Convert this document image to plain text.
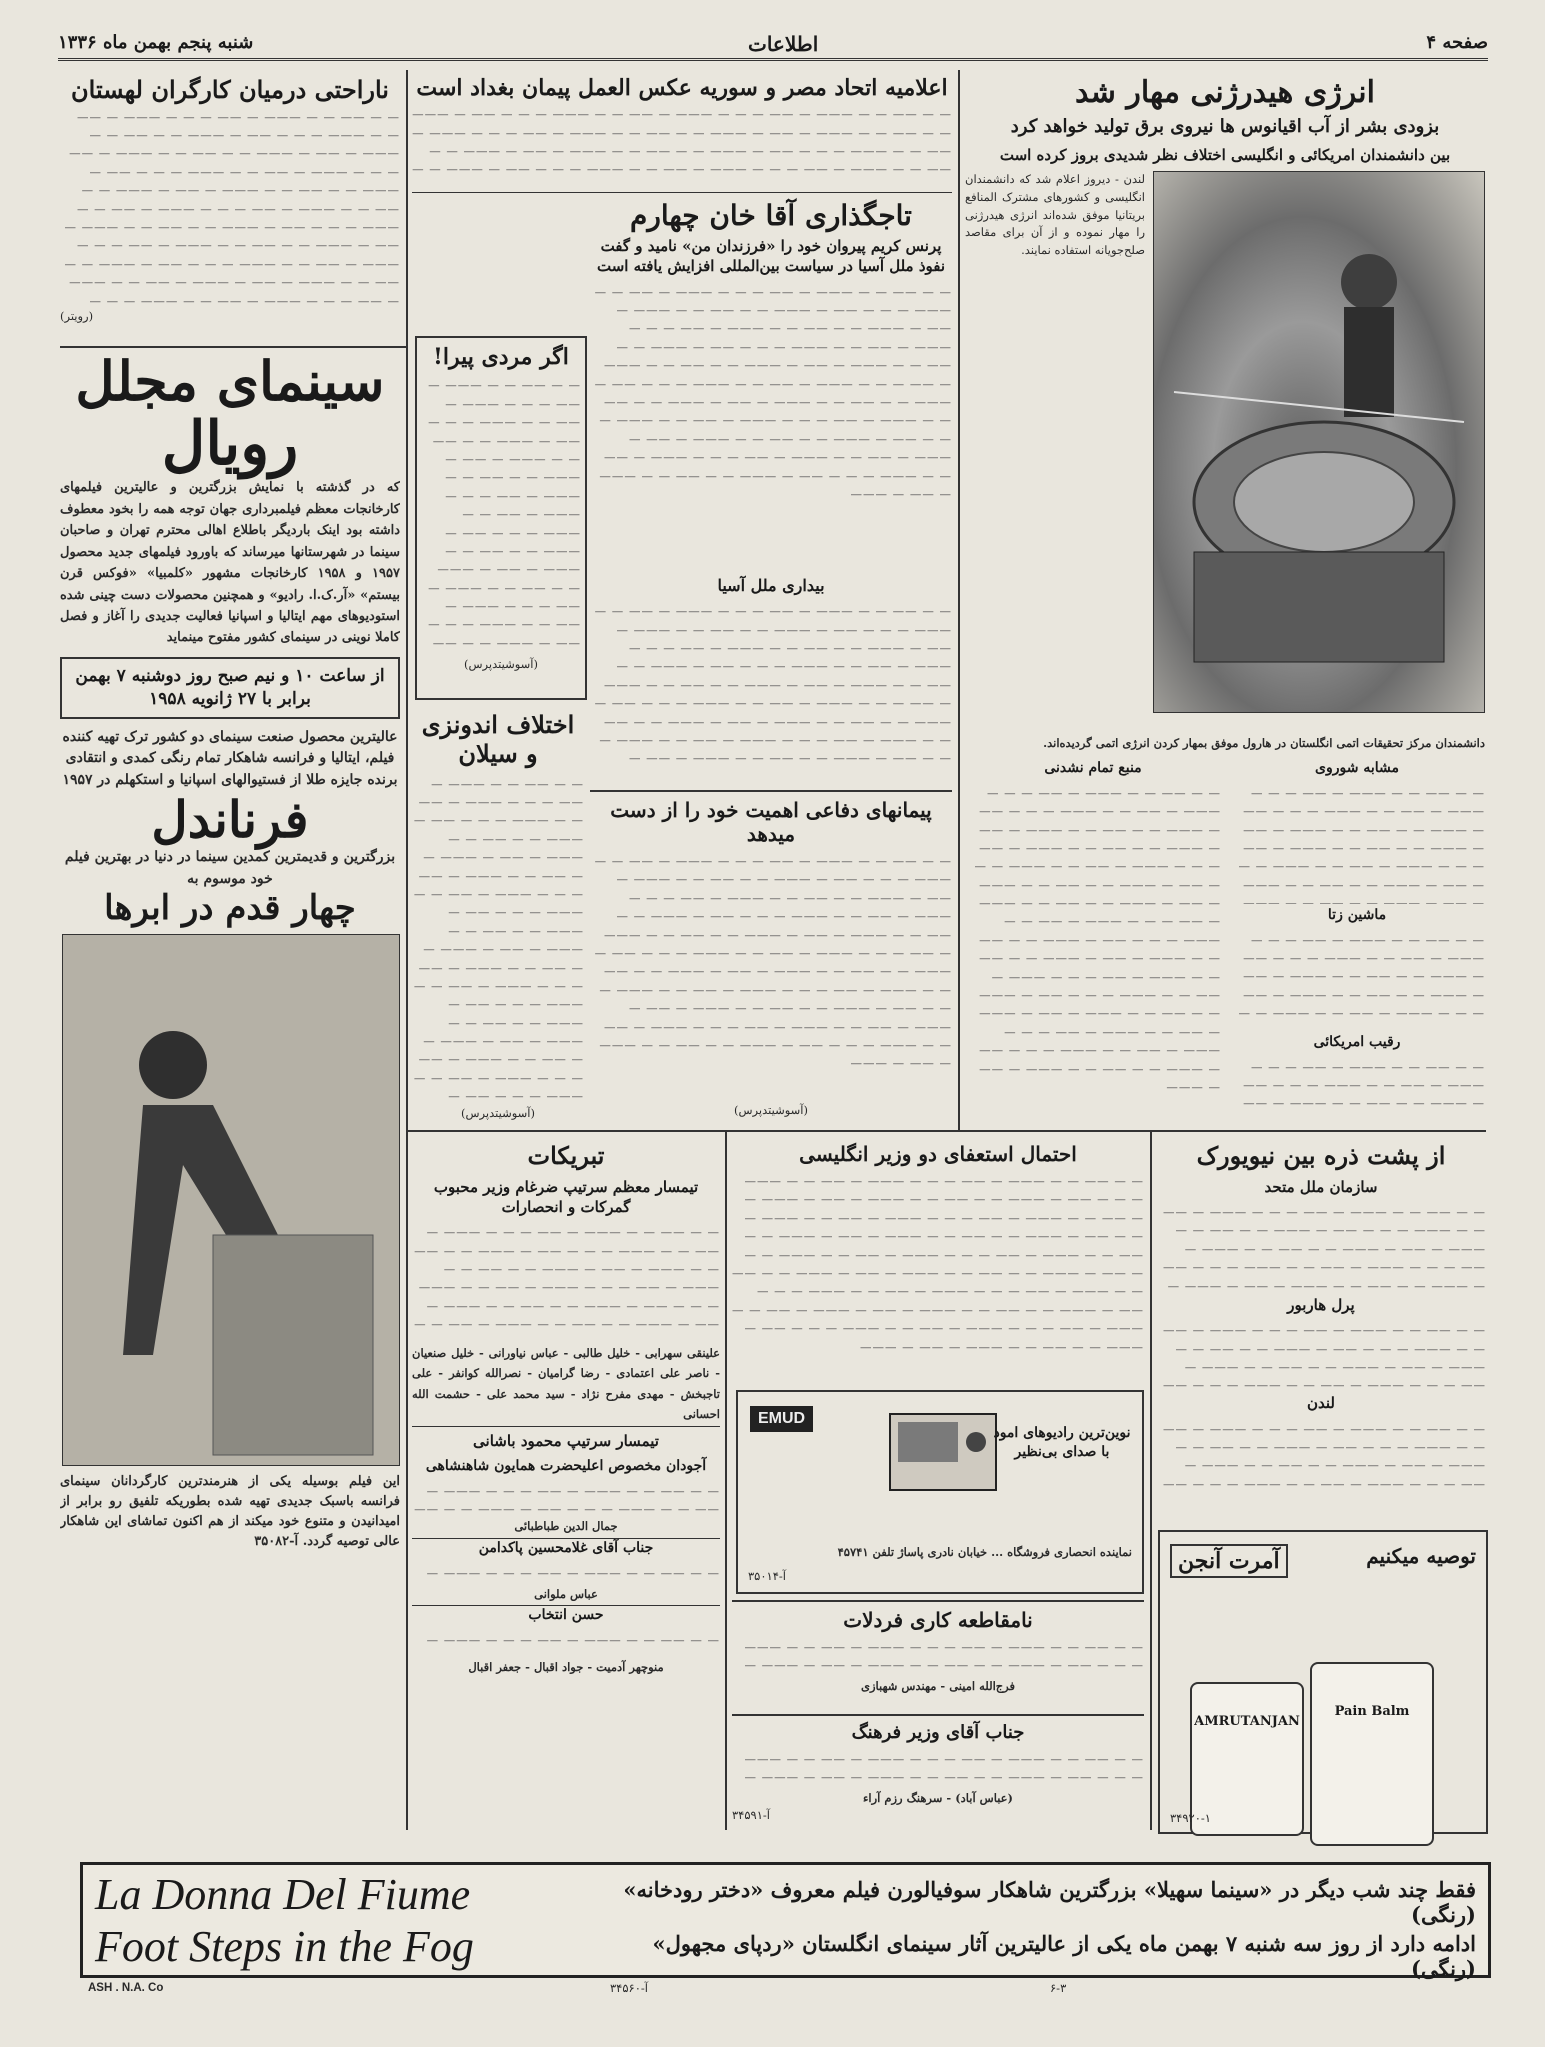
شنبه پنجم بهمن ماه ۱۳۳۶	اطلاعات	صفحه ۴
انرژی هیدرژنی مهار شد
بزودی بشر از آب اقیانوس ها نیروی برق تولید خواهد کرد
بین دانشمندان امریکائی و انگلیسی اختلاف نظر شدیدی بروز کرده است
لندن - دیروز اعلام شد که دانشمندان انگلیسی و کشورهای مشترک المنافع بریتانیا موفق شده‌اند انرژی هیدرژنی را مهار نموده و از آن برای مقاصد صلح‌جویانه استفاده نمایند.
دانشمندان مرکز تحقیقات اتمی انگلستان در هارول موفق بمهار کردن انرژی اتمی گردیده‌اند.
مشابه شوروی
— — —
ماشین زتا
— — —
رقیب امریکائی
— — —
منبع تمام نشدنی
— — —
اعلامیه اتحاد مصر و سوریه عکس العمل پیمان بغداد است
— — —
تاجگذاری آقا خان چهارم
پرنس کریم پیروان خود را «فرزندان من» نامید و گفت نفوذ ملل آسیا در سیاست بین‌المللی افزایش یافته است
— — —
بیداری ملل آسیا
— — —
اگر مردی پیرا!
— — —
(آسوشیتدپرس)
اختلاف اندونزی و سیلان
— — —
(آسوشیتدپرس)
پیمانهای دفاعی اهمیت خود را از دست میدهد
— — —
(آسوشیتدپرس)
ناراحتی درمیان کارگران لهستان
— — —
(رویتر)
سینمای مجلل
رویال
که در گذشته با نمایش بزرگترین و عالیترین فیلمهای کارخانجات معظم فیلمبرداری جهان توجه همه را بخود معطوف داشته بود اینک باردیگر باطلاع اهالی محترم تهران و صاحبان سینما در شهرستانها میرساند که باورود فیلمهای جدید محصول ۱۹۵۷ و ۱۹۵۸ کارخانجات مشهور «کلمبیا» «فوکس قرن بیستم» «آر.ک.ا. رادیو» و همچنین محصولات دست چینی شده استودیوهای مهم ایتالیا و اسپانیا فعالیت جدیدی را آغاز و فصل کاملا نوینی در سینمای کشور مفتوح مینماید
از ساعت ۱۰ و نیم صبح روز دوشنبه ۷ بهمن برابر با ۲۷ ژانویه ۱۹۵۸
عالیترین محصول صنعت سینمای دو کشور ترک تهیه کننده فیلم، ایتالیا و فرانسه شاهکار تمام رنگی کمدی و انتقادی برنده جایزه طلا از فستیوالهای اسپانیا و استکهلم در ۱۹۵۷
فرناندل
بزرگترین و قدیمترین کمدین سینما در دنیا در بهترین فیلم خود موسوم به
چهار قدم در ابرها
این فیلم بوسیله یکی از هنرمندترین کارگردانان سینمای فرانسه باسبک جدیدی تهیه شده بطوریکه تلفیق رو برابر از امیدانیدن و متنوع خود میکند از هم اکنون تماشای این شاهکار عالی توصیه گردد. آ-۳۵۰۸۲
از پشت ذره بین نیویورک
سازمان ملل متحد
— — —
پرل هاربور
— — —
لندن
— — —
توصیه میکنیم
آمرت آنجن
AMRUTANJAN
Pain Balm
۳۴۹۲۰-۱
احتمال استعفای دو وزیر انگلیسی
— — —
EMUD
نوین‌ترین رادیوهای امود با صدای بی‌نظیر
نماینده انحصاری فروشگاه ... خیابان نادری پاساژ تلفن ۴۵۷۴۱
آ-۳۵۰۱۴
نامقاطعه کاری فردلات
— — —
فرج‌الله امینی - مهندس شهبازی
جناب آقای وزیر فرهنگ
— — —
(عباس آباد) - سرهنگ رزم آراء
آ-۳۴۵۹۱
تبریکات
تیمسار معظم سرتیپ ضرغام وزیر محبوب گمرکات و انحصارات
— — —
علینقی سهرابی - خلیل طالبی - عباس نیاورانی - خلیل صنعیان - ناصر علی اعتمادی - رضا گرامیان - نصرالله کوانفر - علی تاجبخش - مهدی مفرح نژاد - سید محمد علی - حشمت الله احسانی
تیمسار سرتیپ محمود باشانی
آجودان مخصوص اعلیحضرت همایون شاهنشاهی
— — —
جمال الدین طباطبائی
جناب آقای غلامحسین پاکدامن
— — —
عباس ملوانی
حسن انتخاب
— — —
منوچهر آدمیت - جواد اقبال - جعفر اقبال
La Donna Del Fiume	فقط چند شب دیگر در «سینما سهیلا» بزرگترین شاهکار سوفیالورن فیلم معروف «دختر رودخانه» (رنگی)
Foot Steps in the Fog	ادامه دارد از روز سه شنبه ۷ بهمن ماه یکی از عالیترین آثار سینمای انگلستان «ردپای مجهول» (رنگی)
ASH . N.A. Co	آ-۳۴۵۶۰	۶-۳
